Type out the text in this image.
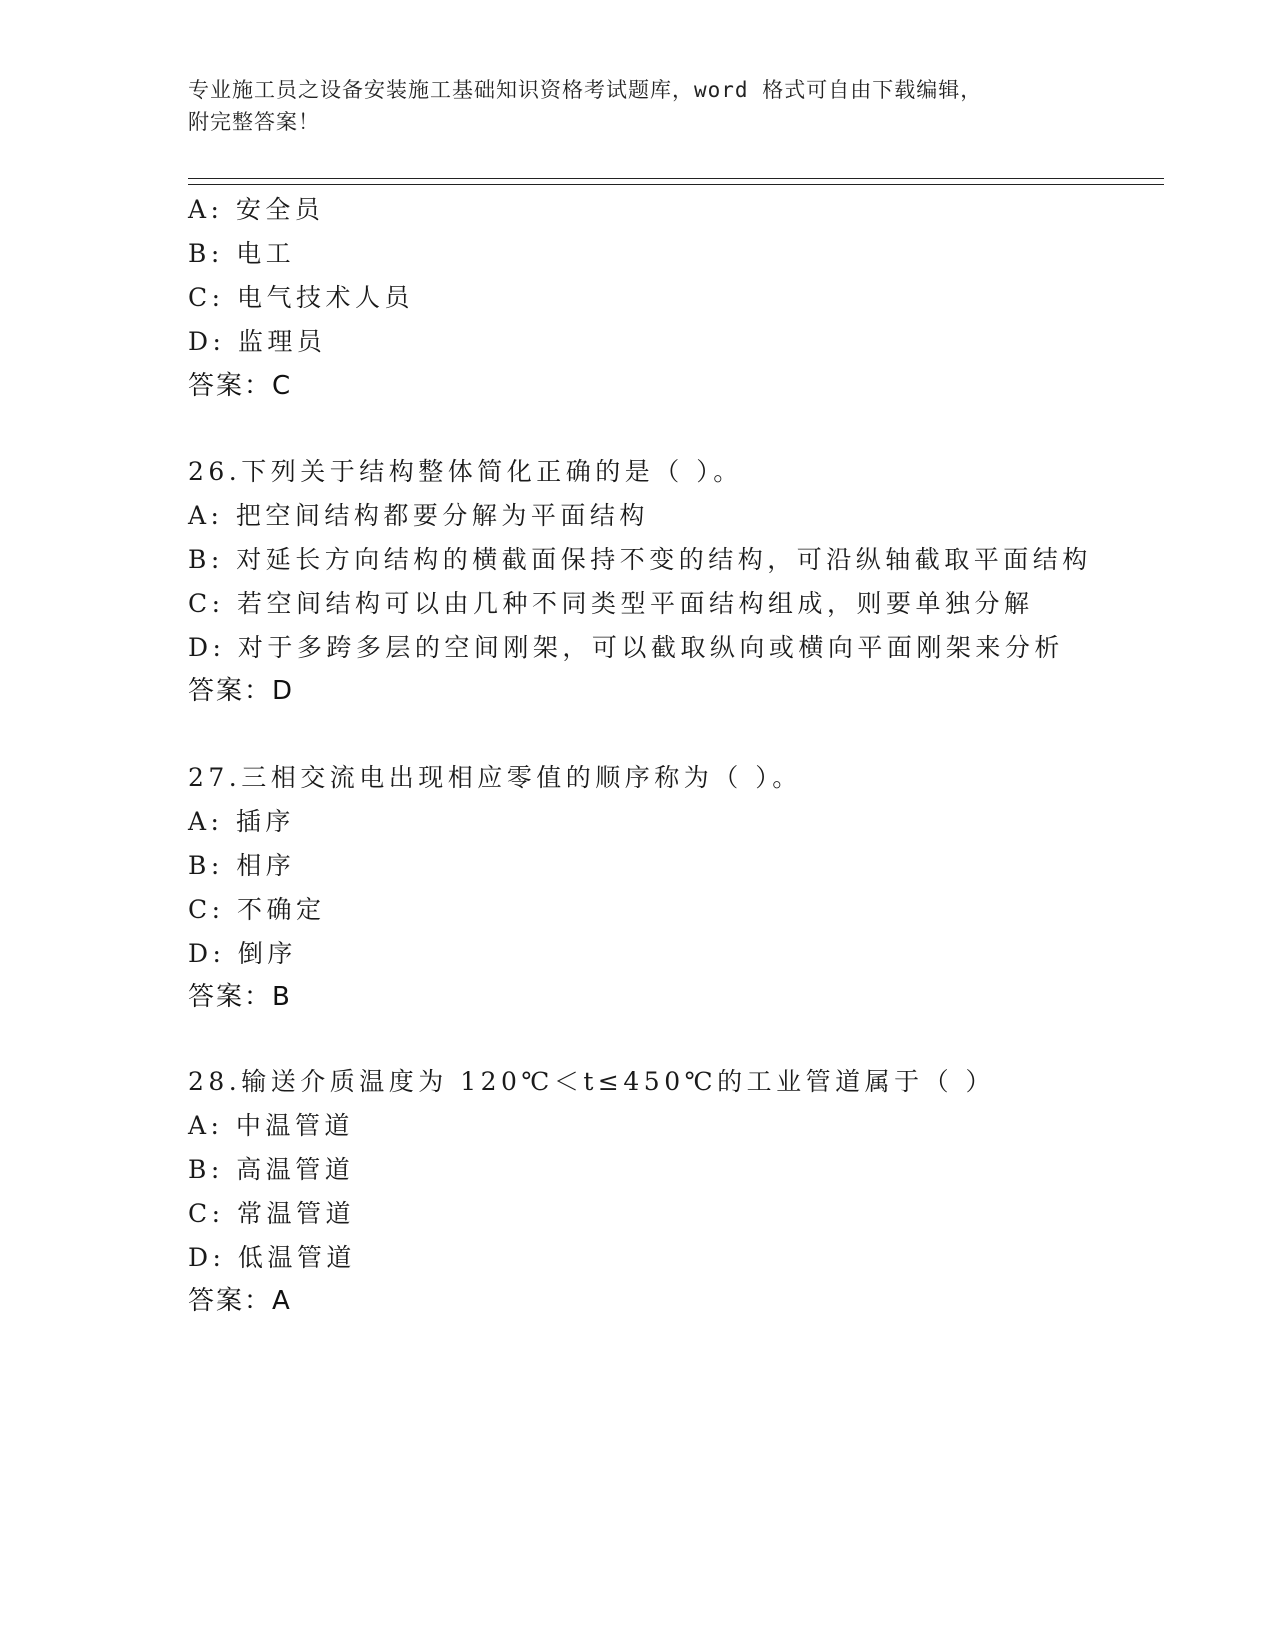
专业施工员之设备安装施工基础知识资格考试题库，word 格式可自由下载编辑，
附完整答案！
A: 安全员
B: 电工
C: 电气技术人员
D: 监理员
答案：C
26.下列关于结构整体简化正确的是（ ）。
A: 把空间结构都要分解为平面结构
B: 对延长方向结构的横截面保持不变的结构，可沿纵轴截取平面结构
C: 若空间结构可以由几种不同类型平面结构组成，则要单独分解
D: 对于多跨多层的空间刚架，可以截取纵向或横向平面刚架来分析
答案：D
27.三相交流电出现相应零值的顺序称为（ ）。
A: 插序
B: 相序
C: 不确定
D: 倒序
答案：B
28.输送介质温度为 120℃＜t≤450℃的工业管道属于（ ）
A: 中温管道
B: 高温管道
C: 常温管道
D: 低温管道
答案：A
